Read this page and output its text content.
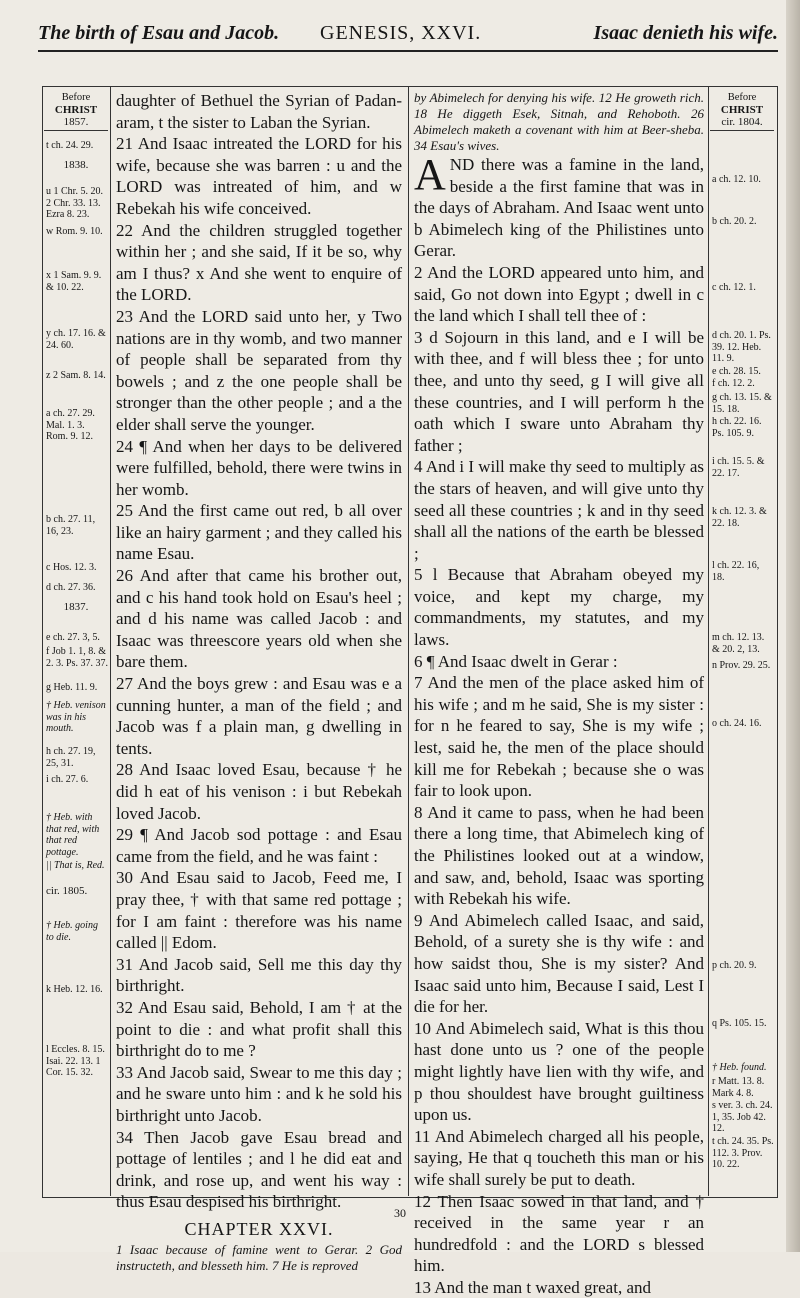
The birth of Esau and Jacob. GENESIS, XXVI.	Isaac denieth his wife.
Before
CHRIST
1857.
t ch. 24. 29.
1838.
u 1 Chr. 5. 20. 2 Chr. 33. 13. Ezra 8. 23.
w Rom. 9. 10.
x 1 Sam. 9. 9. & 10. 22.
y ch. 17. 16. & 24. 60.
z 2 Sam. 8. 14.
a ch. 27. 29. Mal. 1. 3. Rom. 9. 12.
b ch. 27. 11, 16, 23.
c Hos. 12. 3.
d ch. 27. 36.
1837.
e ch. 27. 3, 5.
f Job 1. 1, 8. & 2. 3. Ps. 37. 37.
g Heb. 11. 9.
† Heb. venison was in his mouth.
h ch. 27. 19, 25, 31.
i ch. 27. 6.
† Heb. with that red, with that red pottage.
|| That is, Red.
cir. 1805.
† Heb. going to die.
k Heb. 12. 16.
l Eccles. 8. 15. Isai. 22. 13. 1 Cor. 15. 32.
Before
CHRIST
cir. 1804.
a ch. 12. 10.
b ch. 20. 2.
c ch. 12. 1.
d ch. 20. 1. Ps. 39. 12. Heb. 11. 9.
e ch. 28. 15.
f ch. 12. 2.
g ch. 13. 15. & 15. 18.
h ch. 22. 16. Ps. 105. 9.
i ch. 15. 5. & 22. 17.
k ch. 12. 3. & 22. 18.
l ch. 22. 16, 18.
m ch. 12. 13. & 20. 2, 13.
n Prov. 29. 25.
o ch. 24. 16.
p ch. 20. 9.
q Ps. 105. 15.
† Heb. found.
r Matt. 13. 8. Mark 4. 8.
s ver. 3. ch. 24. 1, 35. Job 42. 12.
t ch. 24. 35. Ps. 112. 3. Prov. 10. 22.

daughter of Bethuel the Syrian of Padan-aram, t the sister to Laban the Syrian.

21 And Isaac intreated the LORD for his wife, because she was barren : u and the LORD was intreated of him, and w Rebekah his wife conceived.

22 And the children struggled together within her ; and she said, If it be so, why am I thus? x And she went to enquire of the LORD.

23 And the LORD said unto her, y Two nations are in thy womb, and two manner of people shall be separated from thy bowels ; and z the one people shall be stronger than the other people ; and a the elder shall serve the younger.

24 ¶ And when her days to be delivered were fulfilled, behold, there were twins in her womb.

25 And the first came out red, b all over like an hairy garment ; and they called his name Esau.

26 And after that came his brother out, and c his hand took hold on Esau's heel ; and d his name was called Jacob : and Isaac was threescore years old when she bare them.

27 And the boys grew : and Esau was e a cunning hunter, a man of the field ; and Jacob was f a plain man, g dwelling in tents.

28 And Isaac loved Esau, because † he did h eat of his venison : i but Rebekah loved Jacob.

29 ¶ And Jacob sod pottage : and Esau came from the field, and he was faint :

30 And Esau said to Jacob, Feed me, I pray thee, † with that same red pottage ; for I am faint : therefore was his name called || Edom.

31 And Jacob said, Sell me this day thy birthright.

32 And Esau said, Behold, I am † at the point to die : and what profit shall this birthright do to me ?

33 And Jacob said, Swear to me this day ; and he sware unto him : and k he sold his birthright unto Jacob.

34 Then Jacob gave Esau bread and pottage of lentiles ; and l he did eat and drink, and rose up, and went his way : thus Esau despised his birthright.

CHAPTER XXVI.

1 Isaac because of famine went to Gerar. 2 God instructeth, and blesseth him. 7 He is reproved

by Abimelech for denying his wife. 12 He groweth rich. 18 He diggeth Esek, Sitnah, and Rehoboth. 26 Abimelech maketh a covenant with him at Beer-sheba. 34 Esau's wives.

AND there was a famine in the land, beside a the first famine that was in the days of Abraham. And Isaac went unto b Abimelech king of the Philistines unto Gerar.

2 And the LORD appeared unto him, and said, Go not down into Egypt ; dwell in c the land which I shall tell thee of :

3 d Sojourn in this land, and e I will be with thee, and f will bless thee ; for unto thee, and unto thy seed, g I will give all these countries, and I will perform h the oath which I sware unto Abraham thy father ;

4 And i I will make thy seed to multiply as the stars of heaven, and will give unto thy seed all these countries ; k and in thy seed shall all the nations of the earth be blessed ;

5 l Because that Abraham obeyed my voice, and kept my charge, my commandments, my statutes, and my laws.

6 ¶ And Isaac dwelt in Gerar :

7 And the men of the place asked him of his wife ; and m he said, She is my sister : for n he feared to say, She is my wife ; lest, said he, the men of the place should kill me for Rebekah ; because she o was fair to look upon.

8 And it came to pass, when he had been there a long time, that Abimelech king of the Philistines looked out at a window, and saw, and, behold, Isaac was sporting with Rebekah his wife.

9 And Abimelech called Isaac, and said, Behold, of a surety she is thy wife : and how saidst thou, She is my sister? And Isaac said unto him, Because I said, Lest I die for her.

10 And Abimelech said, What is this thou hast done unto us ? one of the people might lightly have lien with thy wife, and p thou shouldest have brought guiltiness upon us.

11 And Abimelech charged all his people, saying, He that q toucheth this man or his wife shall surely be put to death.

12 Then Isaac sowed in that land, and † received in the same year r an hundredfold : and the LORD s blessed him.

13 And the man t waxed great, and

30
